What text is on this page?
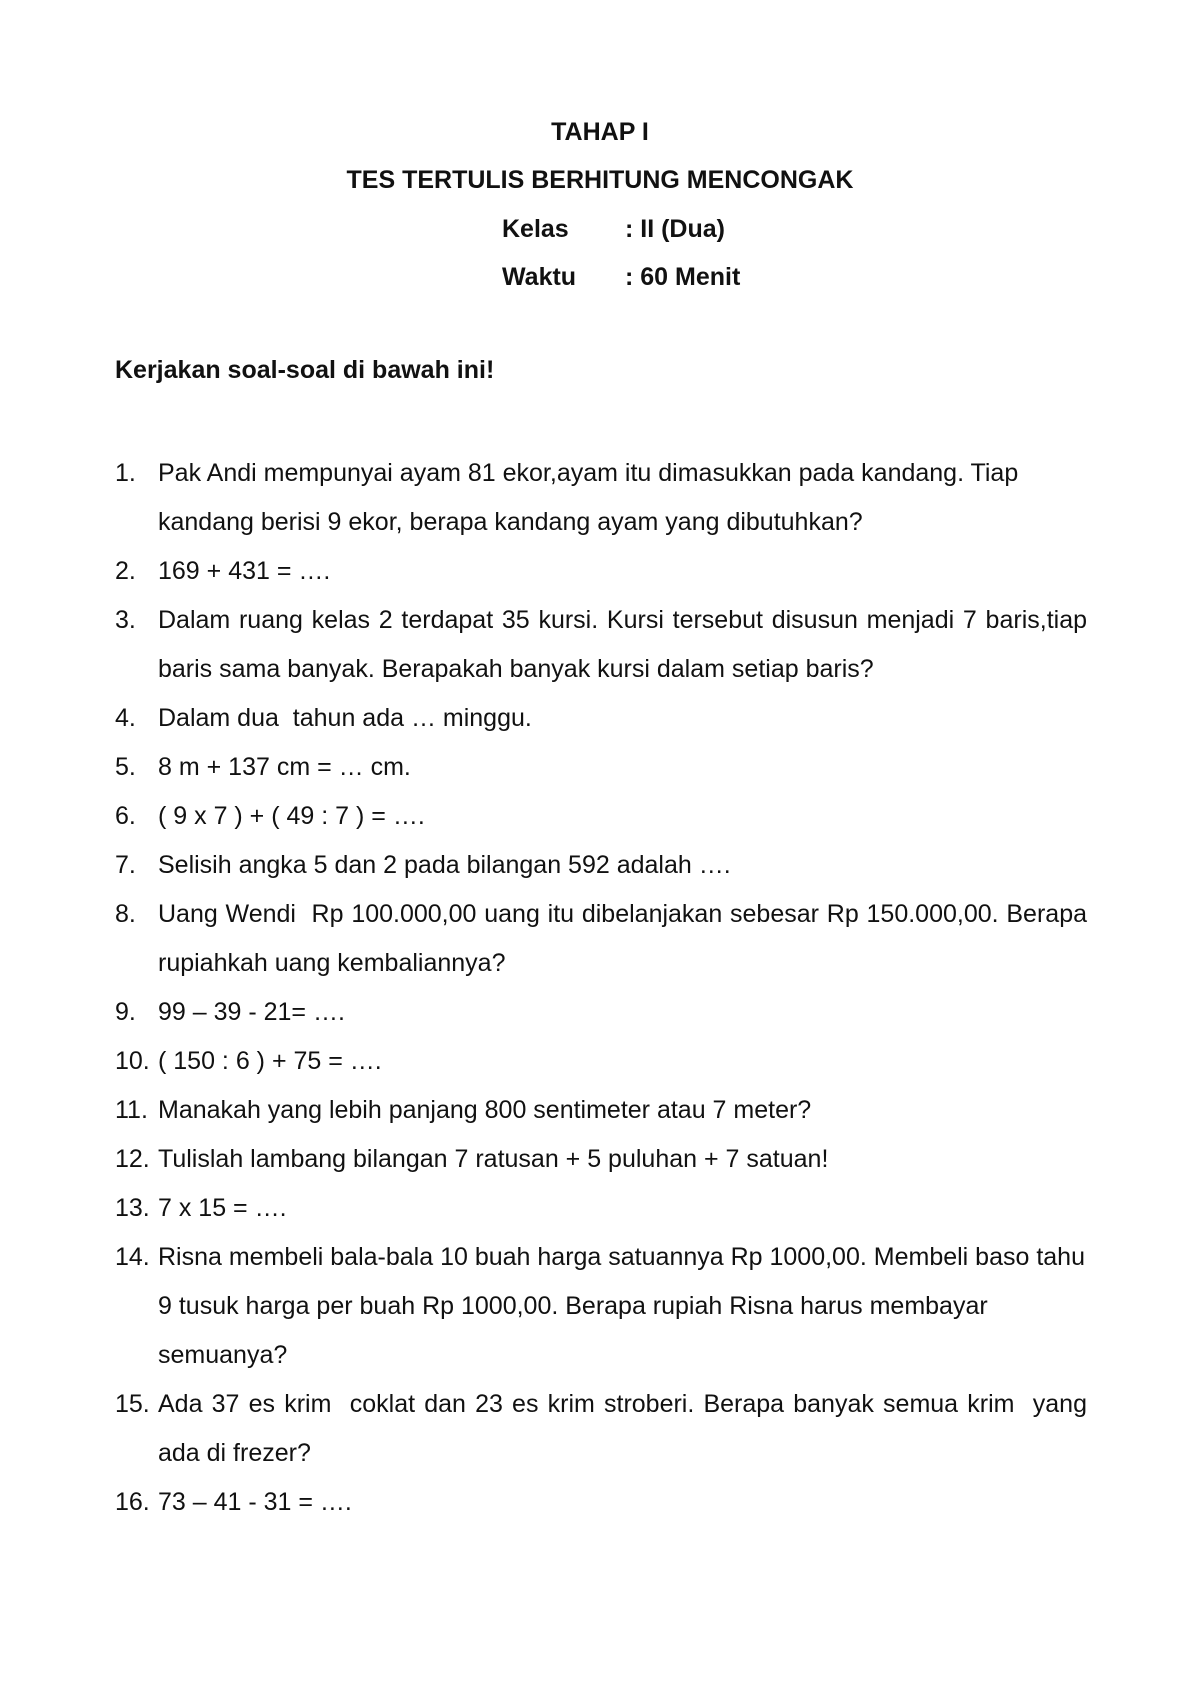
TAHAP I
TES TERTULIS BERHITUNG MENCONGAK
Kelas : II (Dua)
Waktu : 60 Menit
Kerjakan soal-soal di bawah ini!
1. Pak Andi mempunyai ayam 81 ekor,ayam itu dimasukkan pada kandang. Tiap kandang berisi 9 ekor, berapa kandang ayam yang dibutuhkan?
2. 169 + 431 = ….
3. Dalam ruang kelas 2 terdapat 35 kursi. Kursi tersebut disusun menjadi 7 baris,tiap baris sama banyak. Berapakah banyak kursi dalam setiap baris?
4. Dalam dua  tahun ada … minggu.
5. 8 m + 137 cm = … cm.
6. ( 9 x 7 ) + ( 49 : 7 ) = ….
7. Selisih angka 5 dan 2 pada bilangan 592 adalah ….
8. Uang Wendi  Rp 100.000,00 uang itu dibelanjakan sebesar Rp 150.000,00. Berapa rupiahkah uang kembaliannya?
9. 99 – 39 - 21= ….
10. ( 150 : 6 ) + 75 = ….
11. Manakah yang lebih panjang 800 sentimeter atau 7 meter?
12. Tulislah lambang bilangan 7 ratusan + 5 puluhan + 7 satuan!
13. 7 x 15 = ….
14. Risna membeli bala-bala 10 buah harga satuannya Rp 1000,00. Membeli baso tahu 9 tusuk harga per buah Rp 1000,00. Berapa rupiah Risna harus membayar semuanya?
15. Ada 37 es krim  coklat dan 23 es krim stroberi. Berapa banyak semua krim  yang ada di frezer?
16. 73 – 41 - 31 = ….
